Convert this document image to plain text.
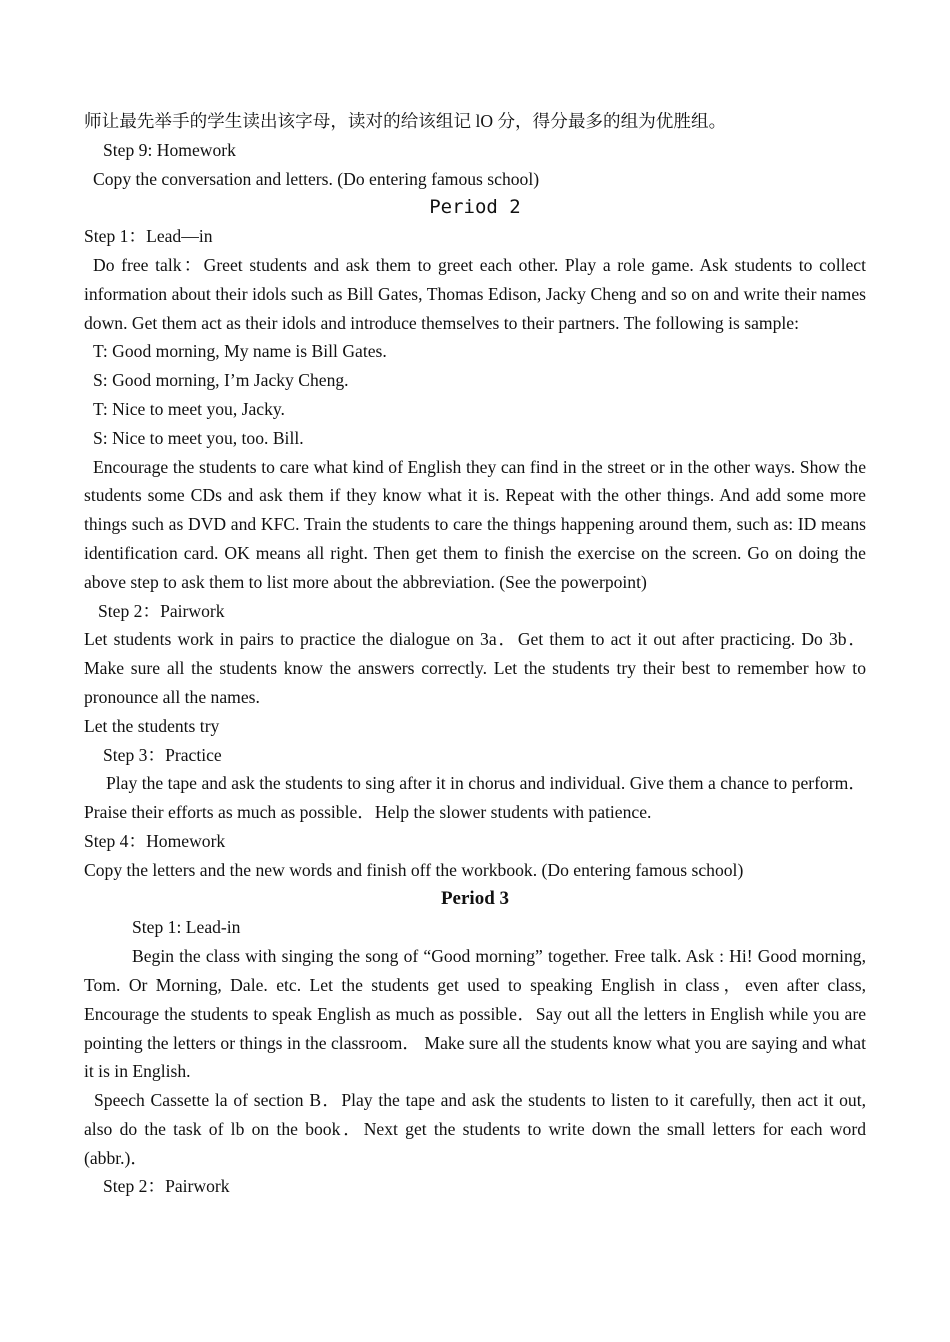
师让最先举手的学生读出该字母，读对的给该组记 lO 分，得分最多的组为优胜组。
Step 9: Homework
Copy the conversation and letters. (Do entering famous school)
Period 2
Step 1：Lead—in
Do free talk：Greet students and ask them to greet each other. Play a role game. Ask students to collect information about their idols such as Bill Gates, Thomas Edison, Jacky Cheng and so on and write their names down. Get them act as their idols and introduce themselves to their partners. The following is sample:
T: Good morning, My name is Bill Gates.
S: Good morning, I’m Jacky Cheng.
T: Nice to meet you, Jacky.
S: Nice to meet you, too. Bill.
Encourage the students to care what kind of English they can find in the street or in the other ways. Show the students some CDs and ask them if they know what it is. Repeat with the other things. And add some more things such as DVD and KFC. Train the students to care the things happening around them, such as: ID means identification card. OK means all right. Then get them to finish the exercise on the screen. Go on doing the above step to ask them to list more about the abbreviation. (See the powerpoint)
Step 2：Pairwork
Let students work in pairs to practice the dialogue on 3a．Get them to act it out after practicing. Do 3b． Make sure all the students know the answers correctly. Let the students try their best to remember how to pronounce all the names.
Let the students try
Step 3：Practice
Play the tape and ask the students to sing after it in chorus and individual. Give them a chance to perform．Praise their efforts as much as possible．Help the slower students with patience.
Step 4：Homework
Copy the letters and the new words and finish off the workbook. (Do entering famous school)
Period 3
Step 1: Lead-in
Begin the class with singing the song of “Good morning” together. Free talk. Ask : Hi! Good morning, Tom. Or Morning, Dale. etc. Let the students get used to speaking English in class，even after class, Encourage the students to speak English as much as possible．Say out all the letters in English while you are pointing the letters or things in the classroom． Make sure all the students know what you are saying and what it is in English.
Speech Cassette la of section B．Play the tape and ask the students to listen to it carefully, then act it out, also do the task of lb on the book．Next get the students to write down the small letters for each word (abbr.)．
Step 2：Pairwork
